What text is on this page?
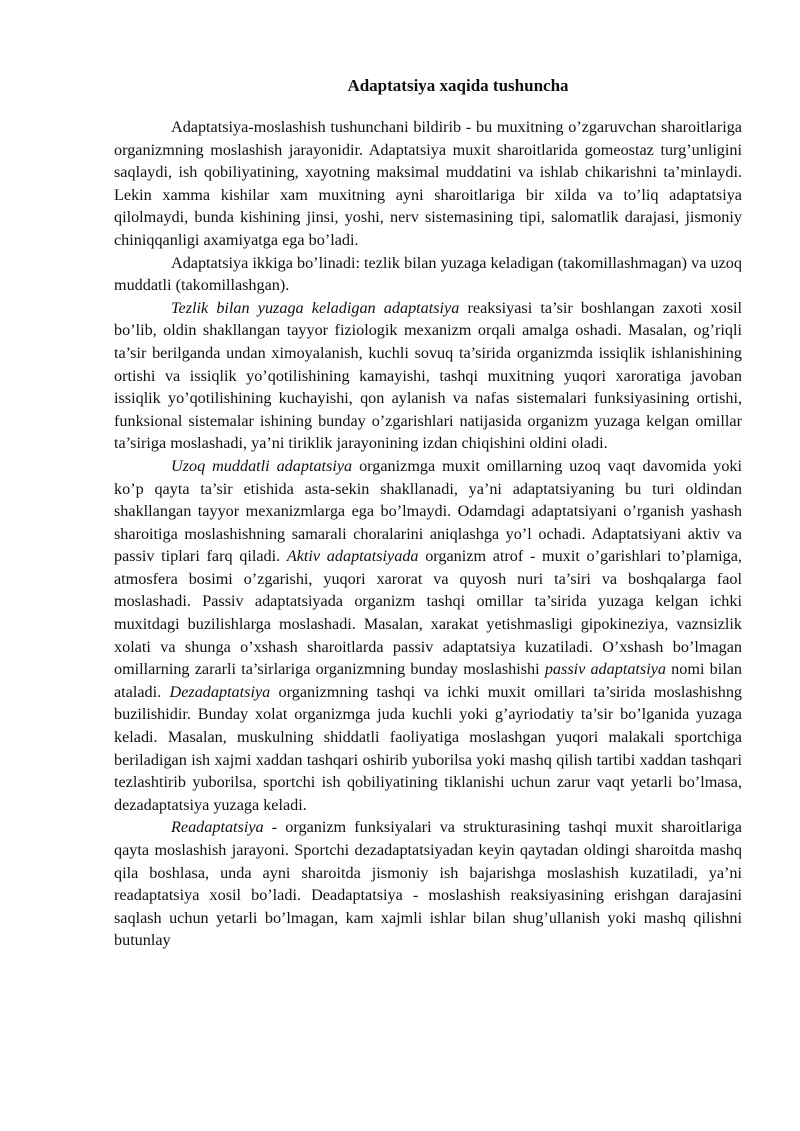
Adaptatsiya xaqida tushuncha

Adaptatsiya-moslashish tushunchani bildirib - bu muxitning o’zgaruvchan sharoitlariga organizmning moslashish jarayonidir. Adaptatsiya muxit sharoitlarida gomeostaz turg’unligini saqlaydi, ish qobiliyatining, xayotning maksimal muddatini va ishlab chikarishni ta’minlaydi. Lekin xamma kishilar xam muxitning ayni sharoitlariga bir xilda va to’liq adaptatsiya qilolmaydi, bunda kishining jinsi, yoshi, nerv sistemasining tipi, salomatlik darajasi, jismoniy chiniqqanligi axamiyatga ega bo’ladi.

Adaptatsiya ikkiga bo’linadi: tezlik bilan yuzaga keladigan (takomillashmagan) va uzoq muddatli (takomillashgan).

Tezlik bilan yuzaga keladigan adaptatsiya reaksiyasi ta’sir boshlangan zaxoti xosil bo’lib, oldin shakllangan tayyor fiziologik mexanizm orqali amalga oshadi. Masalan, og’riqli ta’sir berilganda undan ximoyalanish, kuchli sovuq ta’sirida organizmda issiqlik ishlanishining ortishi va issiqlik yo’qotilishining kamayishi, tashqi muxitning yuqori xaroratiga javoban issiqlik yo’qotilishining kuchayishi, qon aylanish va nafas sistemalari funksiyasining ortishi, funksional sistemalar ishining bunday o’zgarishlari natijasida organizm yuzaga kelgan omillar ta’siriga moslashadi, ya’ni tiriklik jarayonining izdan chiqishini oldini oladi.

Uzoq muddatli adaptatsiya organizmga muxit omillarning uzoq vaqt davomida yoki ko’p qayta ta’sir etishida asta-sekin shakllanadi, ya’ni adaptatsiyaning bu turi oldindan shakllangan tayyor mexanizmlarga ega bo’lmaydi. Odamdagi adaptatsiyani o’rganish yashash sharoitiga moslashishning samarali choralarini aniqlashga yo’l ochadi. Adaptatsiyani aktiv va passiv tiplari farq qiladi. Aktiv adaptatsiyada organizm atrof - muxit o’garishlari to’plamiga, atmosfera bosimi o’zgarishi, yuqori xarorat va quyosh nuri ta’siri va boshqalarga faol moslashadi. Passiv adaptatsiyada organizm tashqi omillar ta’sirida yuzaga kelgan ichki muxitdagi buzilishlarga moslashadi. Masalan, xarakat yetishmasligi gipokineziya, vaznsizlik xolati va shunga o’xshash sharoitlarda passiv adaptatsiya kuzatiladi. O’xshash bo’lmagan omillarning zararli ta’sirlariga organizmning bunday moslashishi passiv adaptatsiya nomi bilan ataladi. Dezadaptatsiya organizmning tashqi va ichki muxit omillari ta’sirida moslashishng buzilishidir. Bunday xolat organizmga juda kuchli yoki g’ayriodatiy ta’sir bo’lganida yuzaga keladi. Masalan, muskulning shiddatli faoliyatiga moslashgan yuqori malakali sportchiga beriladigan ish xajmi xaddan tashqari oshirib yuborilsa yoki mashq qilish tartibi xaddan tashqari tezlashtirib yuborilsa, sportchi ish qobiliyatining tiklanishi uchun zarur vaqt yetarli bo’lmasa, dezadaptatsiya yuzaga keladi.

Readaptatsiya - organizm funksiyalari va strukturasining tashqi muxit sharoitlariga qayta moslashish jarayoni. Sportchi dezadaptatsiyadan keyin qaytadan oldingi sharoitda mashq qila boshlasa, unda ayni sharoitda jismoniy ish bajarishga moslashish kuzatiladi, ya’ni readaptatsiya xosil bo’ladi. Deadaptatsiya - moslashish reaksiyasining erishgan darajasini saqlash uchun yetarli bo’lmagan, kam xajmli ishlar bilan shug’ullanish yoki mashq qilishni butunlay
